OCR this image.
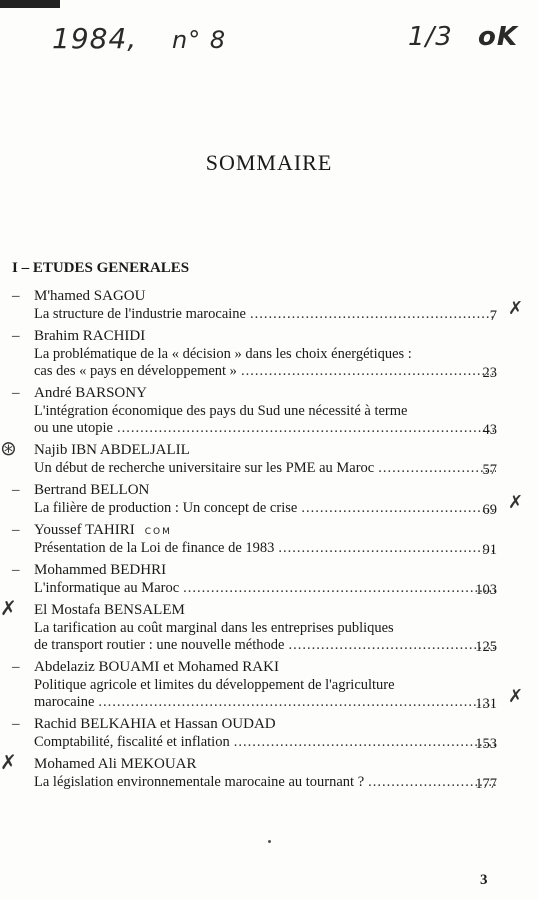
1984, n° 8	1/3 oK
SOMMAIRE
I – ETUDES GENERALES
– M'hamed SAGOU
La structure de l'industrie marocaine .....	7 ✗
– Brahim RACHIDI
La problématique de la « décision » dans les choix énergétiques :
cas des « pays en développement » .....	23
– André BARSONY
L'intégration économique des pays du Sud une nécessité à terme
ou une utopie .....	43
⊛ Najib IBN ABDELJALIL
Un début de recherche universitaire sur les PME au Maroc .....	57
– Bertrand BELLON
La filière de production : Un concept de crise .....	69 ✗
– Youssef TAHIRI COM
Présentation de la Loi de finance de 1983 .....	91
– Mohammed BEDHRI
L'informatique au Maroc .....	103
✗ El Mostafa BENSALEM
La tarification au coût marginal dans les entreprises publiques
de transport routier : une nouvelle méthode .....	125
– Abdelaziz BOUAMI et Mohamed RAKI
Politique agricole et limites du développement de l'agriculture
marocaine .....	131 ✗
– Rachid BELKAHIA et Hassan OUDAD
Comptabilité, fiscalité et inflation .....	153
✗ Mohamed Ali MEKOUAR
La législation environnementale marocaine au tournant ? .....	177
3
